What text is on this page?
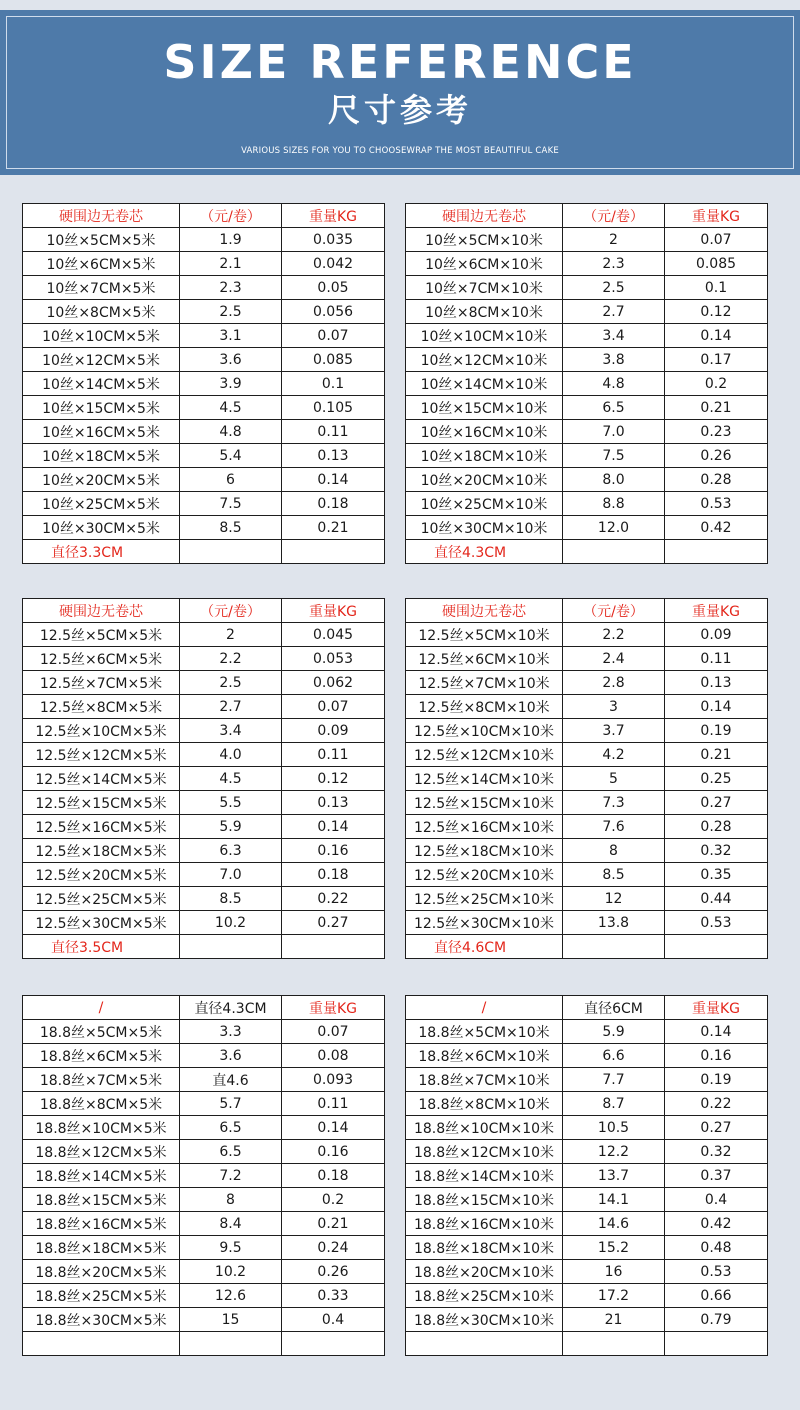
SIZE REFERENCE
尺寸参考
VARIOUS SIZES FOR YOU TO CHOOSEWRAP THE MOST BEAUTIFUL CAKE
硬围边无卷芯	（元/卷）	重量KG
10丝×5CM×5米	1.9	0.035
10丝×6CM×5米	2.1	0.042
10丝×7CM×5米	2.3	0.05
10丝×8CM×5米	2.5	0.056
10丝×10CM×5米	3.1	0.07
10丝×12CM×5米	3.6	0.085
10丝×14CM×5米	3.9	0.1
10丝×15CM×5米	4.5	0.105
10丝×16CM×5米	4.8	0.11
10丝×18CM×5米	5.4	0.13
10丝×20CM×5米	6	0.14
10丝×25CM×5米	7.5	0.18
10丝×30CM×5米	8.5	0.21
直径3.3CM		
硬围边无卷芯	（元/卷）	重量KG
10丝×5CM×10米	2	0.07
10丝×6CM×10米	2.3	0.085
10丝×7CM×10米	2.5	0.1
10丝×8CM×10米	2.7	0.12
10丝×10CM×10米	3.4	0.14
10丝×12CM×10米	3.8	0.17
10丝×14CM×10米	4.8	0.2
10丝×15CM×10米	6.5	0.21
10丝×16CM×10米	7.0	0.23
10丝×18CM×10米	7.5	0.26
10丝×20CM×10米	8.0	0.28
10丝×25CM×10米	8.8	0.53
10丝×30CM×10米	12.0	0.42
直径4.3CM		
硬围边无卷芯	（元/卷）	重量KG
12.5丝×5CM×5米	2	0.045
12.5丝×6CM×5米	2.2	0.053
12.5丝×7CM×5米	2.5	0.062
12.5丝×8CM×5米	2.7	0.07
12.5丝×10CM×5米	3.4	0.09
12.5丝×12CM×5米	4.0	0.11
12.5丝×14CM×5米	4.5	0.12
12.5丝×15CM×5米	5.5	0.13
12.5丝×16CM×5米	5.9	0.14
12.5丝×18CM×5米	6.3	0.16
12.5丝×20CM×5米	7.0	0.18
12.5丝×25CM×5米	8.5	0.22
12.5丝×30CM×5米	10.2	0.27
直径3.5CM		
硬围边无卷芯	（元/卷）	重量KG
12.5丝×5CM×10米	2.2	0.09
12.5丝×6CM×10米	2.4	0.11
12.5丝×7CM×10米	2.8	0.13
12.5丝×8CM×10米	3	0.14
12.5丝×10CM×10米	3.7	0.19
12.5丝×12CM×10米	4.2	0.21
12.5丝×14CM×10米	5	0.25
12.5丝×15CM×10米	7.3	0.27
12.5丝×16CM×10米	7.6	0.28
12.5丝×18CM×10米	8	0.32
12.5丝×20CM×10米	8.5	0.35
12.5丝×25CM×10米	12	0.44
12.5丝×30CM×10米	13.8	0.53
直径4.6CM		
/	直径4.3CM	重量KG
18.8丝×5CM×5米	3.3	0.07
18.8丝×6CM×5米	3.6	0.08
18.8丝×7CM×5米	直4.6	0.093
18.8丝×8CM×5米	5.7	0.11
18.8丝×10CM×5米	6.5	0.14
18.8丝×12CM×5米	6.5	0.16
18.8丝×14CM×5米	7.2	0.18
18.8丝×15CM×5米	8	0.2
18.8丝×16CM×5米	8.4	0.21
18.8丝×18CM×5米	9.5	0.24
18.8丝×20CM×5米	10.2	0.26
18.8丝×25CM×5米	12.6	0.33
18.8丝×30CM×5米	15	0.4

/	直径6CM	重量KG
18.8丝×5CM×10米	5.9	0.14
18.8丝×6CM×10米	6.6	0.16
18.8丝×7CM×10米	7.7	0.19
18.8丝×8CM×10米	8.7	0.22
18.8丝×10CM×10米	10.5	0.27
18.8丝×12CM×10米	12.2	0.32
18.8丝×14CM×10米	13.7	0.37
18.8丝×15CM×10米	14.1	0.4
18.8丝×16CM×10米	14.6	0.42
18.8丝×18CM×10米	15.2	0.48
18.8丝×20CM×10米	16	0.53
18.8丝×25CM×10米	17.2	0.66
18.8丝×30CM×10米	21	0.79
